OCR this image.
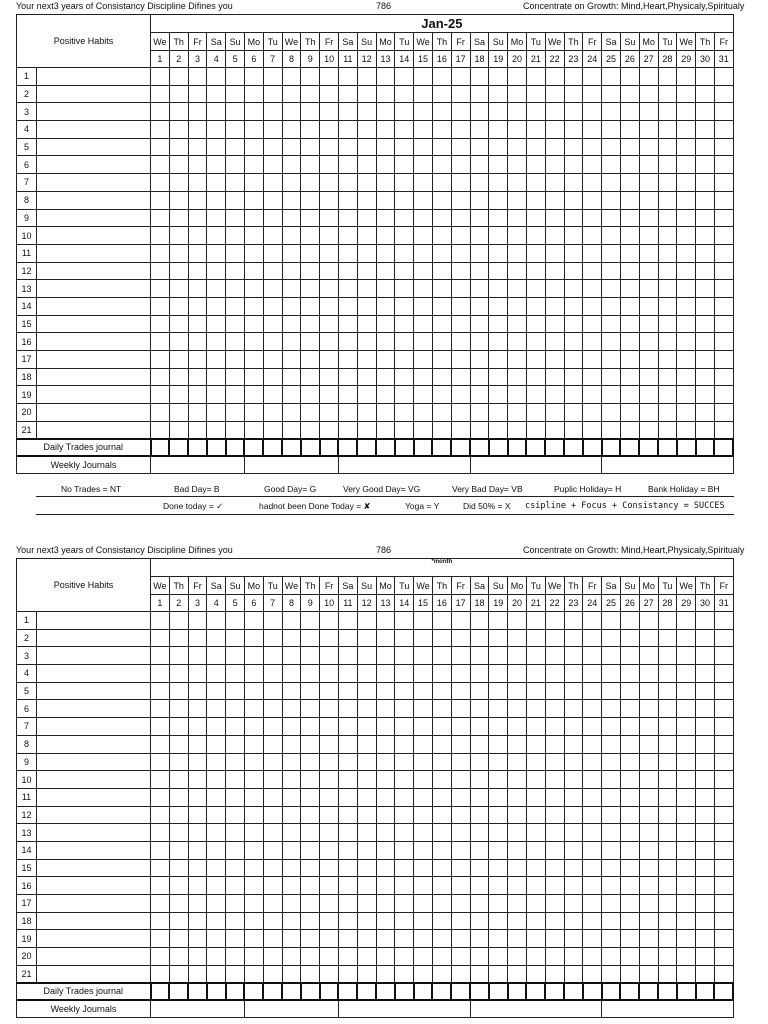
Your next3 years of Consistancy Discipline Difines you	786	Concentrate on Growth: Mind,Heart,Physicaly,Spiritualy
Positive Habits		Jan-25																														
		We	Th	Fr	Sa	Su	Mo	Tu	We	Th	Fr	Sa	Su	Mo	Tu	We	Th	Fr	Sa	Su	Mo	Tu	We	Th	Fr	Sa	Su	Mo	Tu	We	Th	Fr
		1	2	3	4	5	6	7	8	9	10	11	12	13	14	15	16	17	18	19	20	21	22	23	24	25	26	27	28	29	30	31
1																																
2																																
3																																
4																																
5																																
6																																
7																																
8																																
9																																
10																																
11																																
12																																
13																																
14																																
15																																
16																																
17																																
18																																
19																																
20																																
21																																
Daily Trades journal																																
Weekly Journals																																
No Trades = NT	Bad Day= B	Good Day= G	Very Good Day= VG	Very Bad Day= VB	Puplic Holiday= H	Bank Holiday = BH
Done today = ✓	hadnot been Done Today = ✘	Yoga = Y	Did 50% = X csipline + Focus + Consistancy = SUCCES
Your next3 years of Consistancy Discipline Difines you	786	Concentrate on Growth: Mind,Heart,Physicaly,Spiritualy
Positive Habits		*month																														
		We	Th	Fr	Sa	Su	Mo	Tu	We	Th	Fr	Sa	Su	Mo	Tu	We	Th	Fr	Sa	Su	Mo	Tu	We	Th	Fr	Sa	Su	Mo	Tu	We	Th	Fr
		1	2	3	4	5	6	7	8	9	10	11	12	13	14	15	16	17	18	19	20	21	22	23	24	25	26	27	28	29	30	31
1																																
2																																
3																																
4																																
5																																
6																																
7																																
8																																
9																																
10																																
11																																
12																																
13																																
14																																
15																																
16																																
17																																
18																																
19																																
20																																
21																																
Daily Trades journal																																
Weekly Journals																																
